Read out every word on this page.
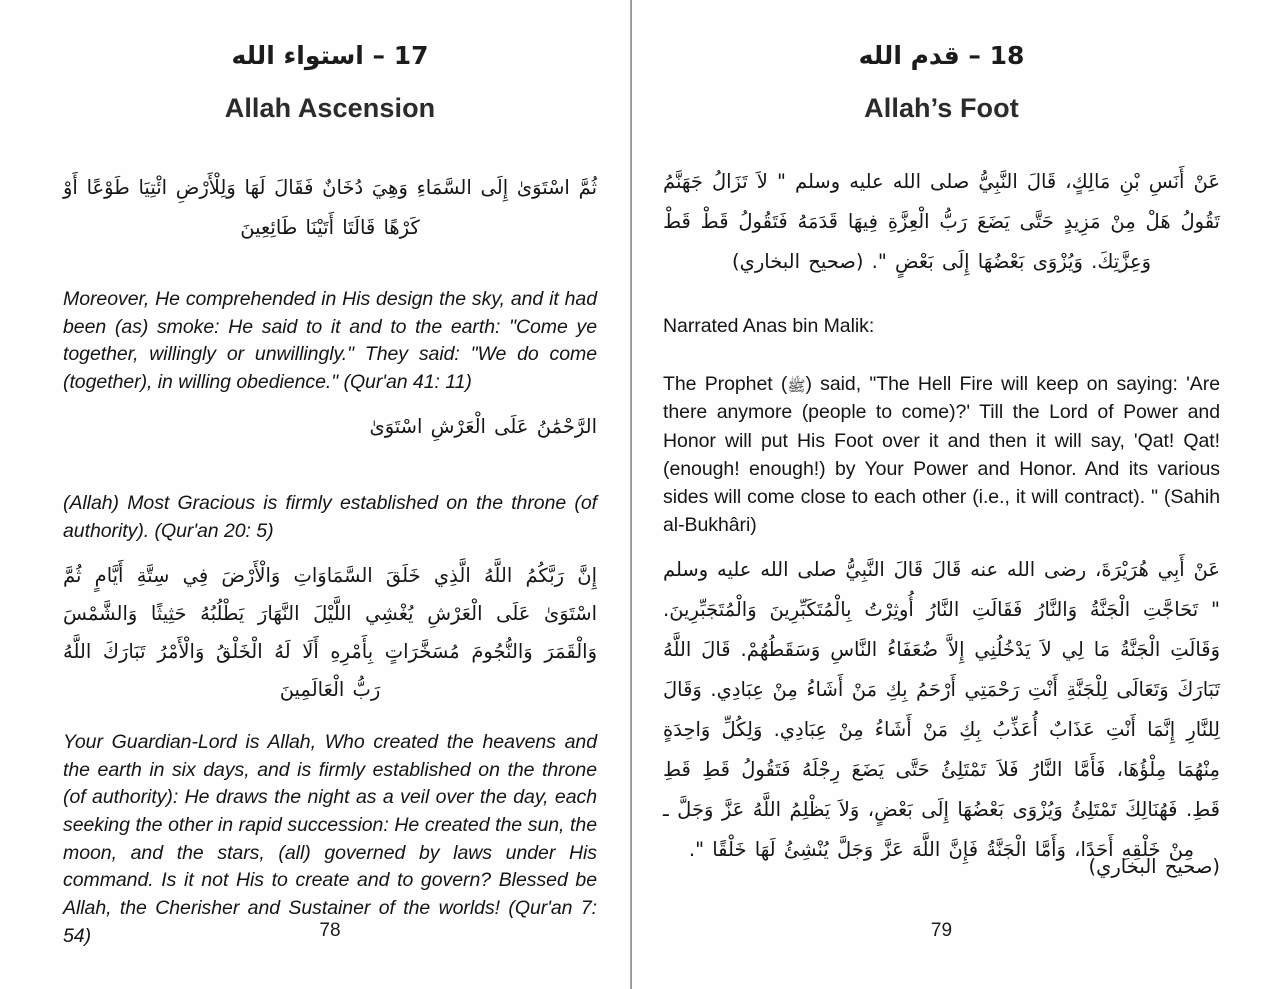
17 – استواء الله
Allah Ascension
ثُمَّ اسْتَوَىٰ إِلَى السَّمَاءِ وَهِيَ دُخَانٌ فَقَالَ لَهَا وَلِلْأَرْضِ ائْتِيَا طَوْعًا أَوْ كَرْهًا قَالَتَا أَتَيْنَا طَائِعِينَ
Moreover, He comprehended in His design the sky, and it had been (as) smoke: He said to it and to the earth: "Come ye together, willingly or unwillingly." They said: "We do come (together), in willing obedience." (Qur'an 41: 11)
الرَّحْمَٰنُ عَلَى الْعَرْشِ اسْتَوَىٰ
(Allah) Most Gracious is firmly established on the throne (of authority). (Qur'an 20: 5)
إِنَّ رَبَّكُمُ اللَّهُ الَّذِي خَلَقَ السَّمَاوَاتِ وَالْأَرْضَ فِي سِتَّةِ أَيَّامٍ ثُمَّ اسْتَوَىٰ عَلَى الْعَرْشِ يُغْشِي اللَّيْلَ النَّهَارَ يَطْلُبُهُ حَثِيثًا وَالشَّمْسَ وَالْقَمَرَ وَالنُّجُومَ مُسَخَّرَاتٍ بِأَمْرِهِ أَلَا لَهُ الْخَلْقُ وَالْأَمْرُ تَبَارَكَ اللَّهُ رَبُّ الْعَالَمِينَ
Your Guardian-Lord is Allah, Who created the heavens and the earth in six days, and is firmly established on the throne (of authority): He draws the night as a veil over the day, each seeking the other in rapid succession: He created the sun, the moon, and the stars, (all) governed by laws under His command. Is it not His to create and to govern? Blessed be Allah, the Cherisher and Sustainer of the worlds! (Qur'an 7: 54)	78
18 – قدم الله
Allah’s Foot
عَنْ أَنَسِ بْنِ مَالِكٍ، قَالَ النَّبِيُّ صلى الله عليه وسلم " لاَ تَزَالُ جَهَنَّمُ تَقُولُ هَلْ مِنْ مَزِيدٍ حَتَّى يَضَعَ رَبُّ الْعِزَّةِ فِيهَا قَدَمَهُ فَتَقُولُ قَطْ قَطْ وَعِزَّتِكَ. وَيُزْوَى بَعْضُهَا إِلَى بَعْضٍ ". (صحيح البخاري)
Narrated Anas bin Malik:
The Prophet (ﷺ) said, "The Hell Fire will keep on saying: 'Are there anymore (people to come)?' Till the Lord of Power and Honor will put His Foot over it and then it will say, 'Qat! Qat! (enough! enough!) by Your Power and Honor. And its various sides will come close to each other (i.e., it will contract). " (Sahih al-Bukhâri)
عَنْ أَبِي هُرَيْرَةَ، رضى الله عنه قَالَ قَالَ النَّبِيُّ صلى الله عليه وسلم " تَحَاجَّتِ الْجَنَّةُ وَالنَّارُ فَقَالَتِ النَّارُ أُوثِرْتُ بِالْمُتَكَبِّرِينَ وَالْمُتَجَبِّرِينَ. وَقَالَتِ الْجَنَّةُ مَا لِي لاَ يَدْخُلُنِي إِلاَّ ضُعَفَاءُ النَّاسِ وَسَقَطُهُمْ. قَالَ اللَّهُ تَبَارَكَ وَتَعَالَى لِلْجَنَّةِ أَنْتِ رَحْمَتِي أَرْحَمُ بِكِ مَنْ أَشَاءُ مِنْ عِبَادِي. وَقَالَ لِلنَّارِ إِنَّمَا أَنْتِ عَذَابٌ أُعَذِّبُ بِكِ مَنْ أَشَاءُ مِنْ عِبَادِي. وَلِكُلِّ وَاحِدَةٍ مِنْهُمَا مِلْؤُهَا، فَأَمَّا النَّارُ فَلاَ تَمْتَلِئُ حَتَّى يَضَعَ رِجْلَهُ فَتَقُولُ قَطِ قَطِ قَطِ. فَهُنَالِكَ تَمْتَلِئُ وَيُزْوَى بَعْضُهَا إِلَى بَعْضٍ، وَلاَ يَظْلِمُ اللَّهُ عَزَّ وَجَلَّ ـ مِنْ خَلْقِهِ أَحَدًا، وَأَمَّا الْجَنَّةُ فَإِنَّ اللَّهَ عَزَّ وَجَلَّ يُنْشِئُ لَهَا خَلْقًا ".
(صحيح البخاري)
79
